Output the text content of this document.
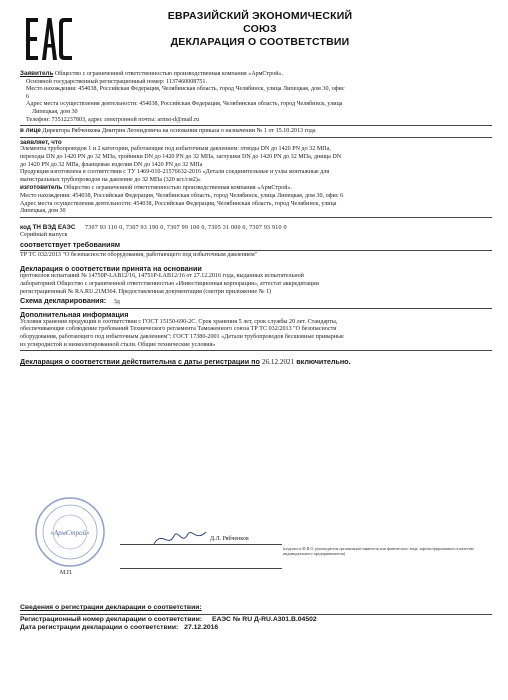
ЕВРАЗИЙСКИЙ ЭКОНОМИЧЕСКИЙ
СОЮЗ
ДЕКЛАРАЦИЯ О СООТВЕТСТВИИ
Заявитель Общество с ограниченной ответственностью производственная компания «АрмСтрой».
Основной государственный регистрационный номер: 1137460008751.
Место нахождения: 454038, Российская Федерация, Челябинская область, город Челябинск, улица Липецкая, дом 30, офис
6
Адрес места осуществления деятельности: 454038, Российская Федерация, Челябинская область, город Челябинск, улица
Липецкая, дом 30
Телефон: 73512237803, адрес электронной почты: armst-d@mail.ru
в лице Директора Рябченкова Дмитрия Леонидовича на основании приказа о назначении № 1 от 15.10.2013 года
заявляет, что
Элементы трубопроводов 1 и 2 категории, работающие под избыточным давлением: отводы DN до 1420 PN до 32 МПа,
переходы DN до 1420 PN до 32 МПа, тройники DN до 1420 PN до 32 МПа, заглушки DN до 1420 PN до 32 МПа, днища DN
до 1420 PN до 32 МПа, фланцевые изделия DN до 1420 PN до 32 МПа
Продукция изготовлена в соответствии с ТУ 1469-010-21576632-2016 «Детали соединительные и узлы монтажные для
магистральных трубопроводов на давление до 32 МПа (320 кгс/см2)»
изготовитель Общество с ограниченной ответственностью производственная компания «АрмСтрой».
Место нахождения: 454038, Российская Федерация, Челябинская область, город Челябинск, улица Липецкая, дом 30, офис 6
Адрес места осуществления деятельности: 454038, Российская Федерация, Челябинская область, город Челябинск, улица
Липецкая, дом 30
код ТН ВЭД ЕАЭС 7307 93 110 0, 7307 93 190 0, 7307 99 100 0, 7305 31 000 0, 7307 93 910 0
Серийный выпуск
соответствует требованиям
ТР ТС 032/2013 "О безопасности оборудования, работающего под избыточным давлением"
Декларация о соответствии принята на основании
протоколов испытаний № 14750Р-LAB12/16, 14751Р-LAB12/16 от 27.12.2016 года, выданных испытательной
лабораторией Общество с ограниченной ответственностью «Инвестиционная корпорация», аттестат аккредитации
регистрационный № RA.RU.21М364. Предоставленная документация (смотри приложение № 1)
Схема декларирования: 3д
Дополнительная информация
Условия хранения продукции в соответствии с ГОСТ 15150-690-2С. Срок хранения 5 лет, срок службы 20 лет. Стандарты,
обеспечивающие соблюдение требований Технического регламента Таможенного союза ТР ТС 032/2013 "О безопасности
оборудования, работающего под избыточным давлением": ГОСТ 17380-2001 «Детали трубопроводов бесшовные приварные
из углеродистой и низколегированной стали. Общие технические условия»
Декларация о соответствии действительна с даты регистрации по 26.12.2021 включительно.
«АрмСтрой»
Д.Л. Рябченков
(подпись и Ф.И.О. руководителя организации-заявителя или физического лица, зарегистрированного в качестве индивидуального предпринимателя)
М.П.
Сведения о регистрации декларации о соответствии:
Регистрационный номер декларации о соответствии: ЕАЭС № RU Д-RU.A301.B.04502
Дата регистрации декларации о соответствии: 27.12.2016
